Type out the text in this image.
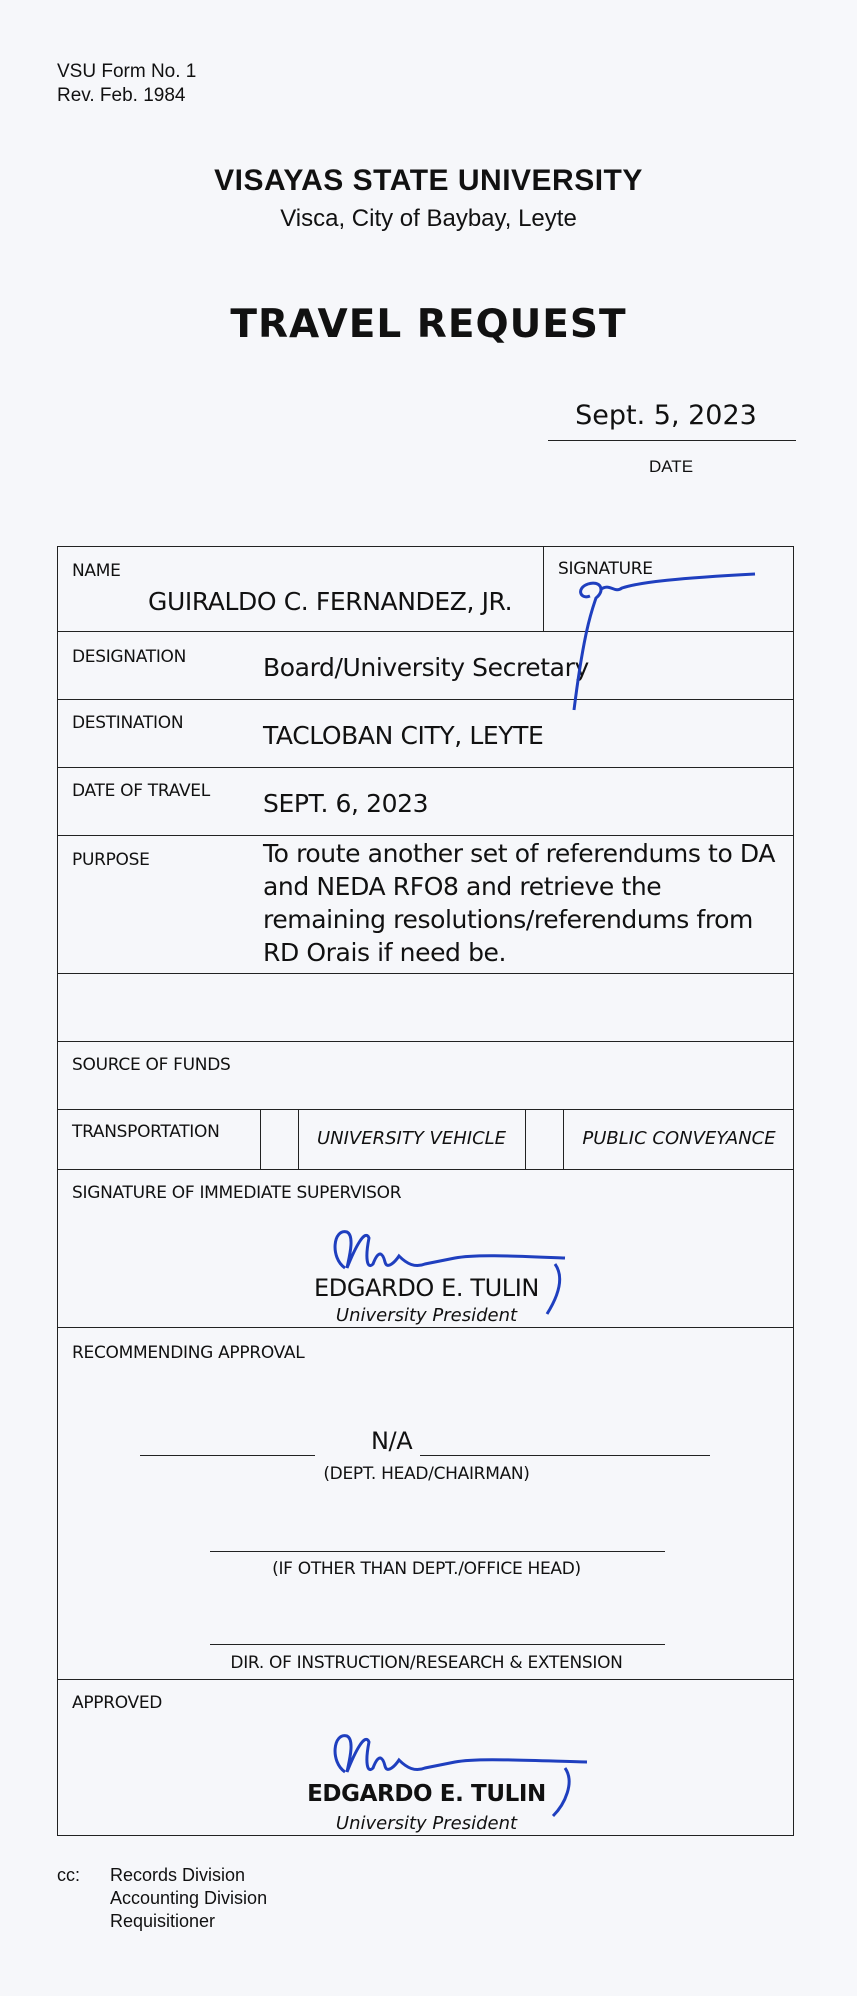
VSU Form No. 1
Rev. Feb. 1984
VISAYAS STATE UNIVERSITY
Visca, City of Baybay, Leyte
TRAVEL REQUEST
Sept. 5, 2023
DATE
NAME
GUIRALDO C. FERNANDEZ, JR.
SIGNATURE
DESIGNATION	Board/University Secretary
DESTINATION	TACLOBAN CITY, LEYTE
DATE OF TRAVEL SEPT. 6, 2023
PURPOSE	To route another set of referendums to DA and NEDA RFO8 and retrieve the remaining resolutions/referendums from RD Orais if need be.
SOURCE OF FUNDS
TRANSPORTATION	UNIVERSITY VEHICLE	PUBLIC CONVEYANCE
SIGNATURE OF IMMEDIATE SUPERVISOR
EDGARDO E. TULIN
University President
RECOMMENDING APPROVAL
N/A
(DEPT. HEAD/CHAIRMAN)
(IF OTHER THAN DEPT./OFFICE HEAD)
DIR. OF INSTRUCTION/RESEARCH & EXTENSION
APPROVED
EDGARDO E. TULIN
University President
cc: Records Division
Accounting Division
Requisitioner
